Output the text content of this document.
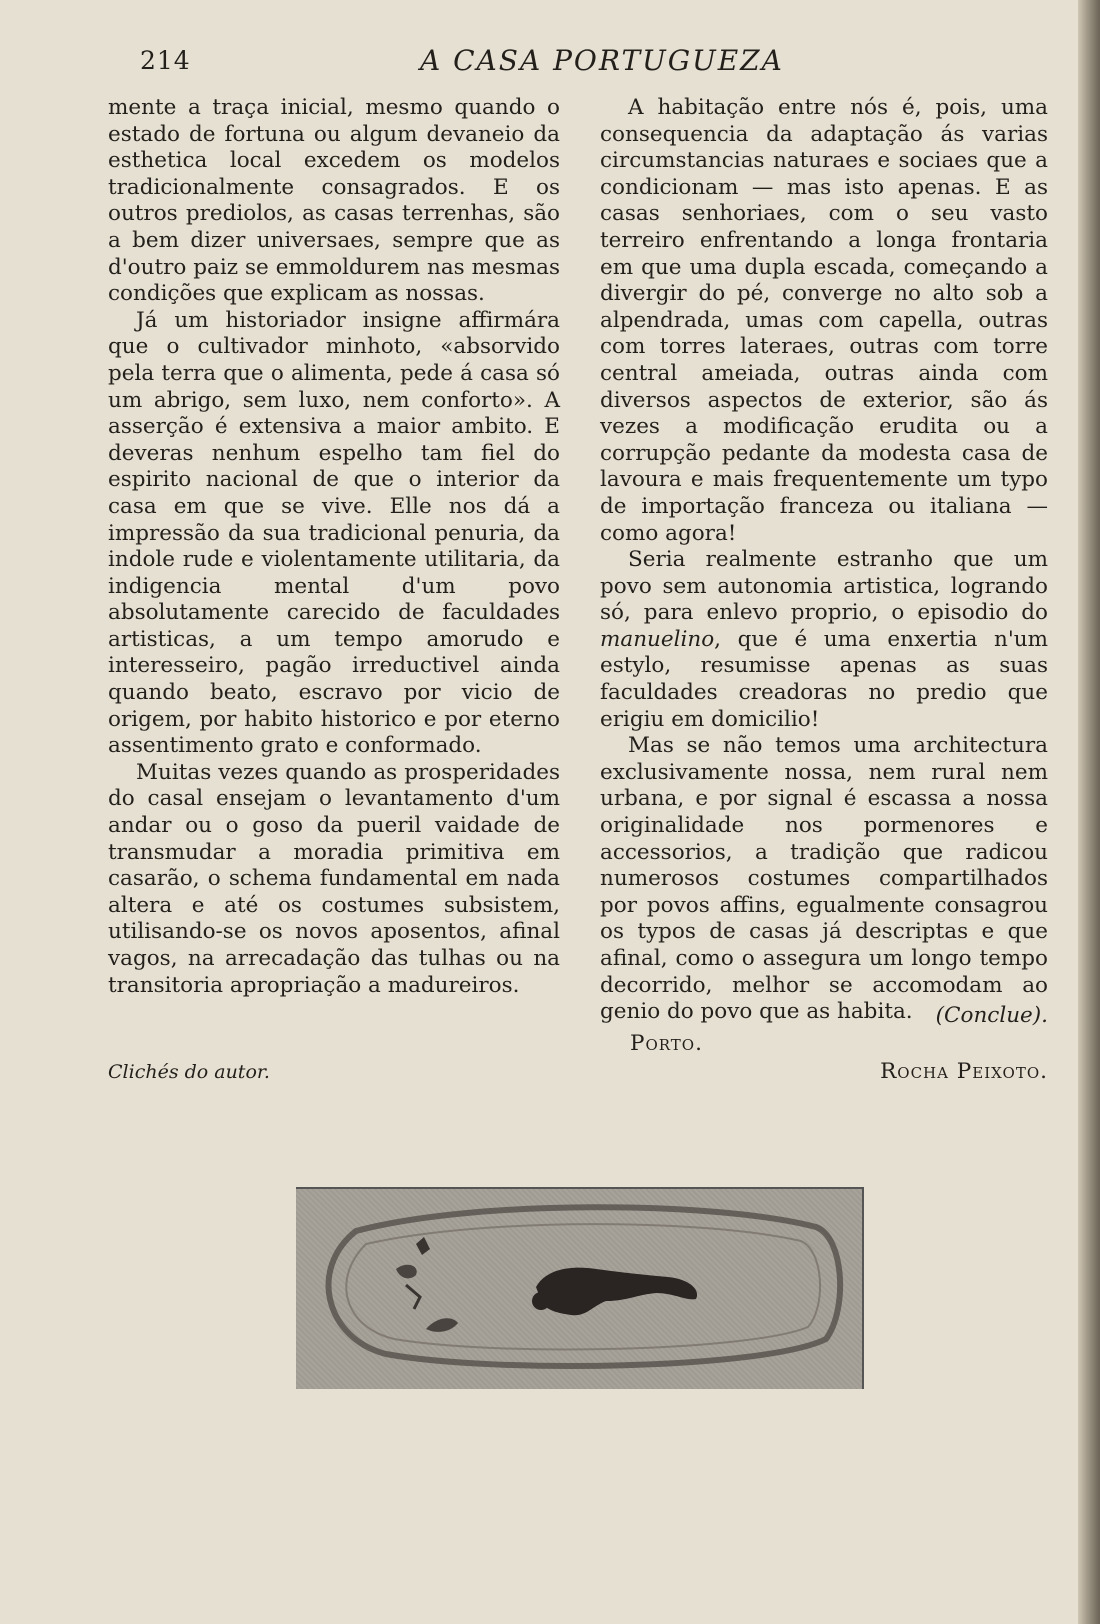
214	A CASA PORTUGUEZA

mente a traça inicial, mesmo quando o estado de fortuna ou algum devaneio da esthetica local excedem os modelos tradicionalmente consagrados. E os outros prediolos, as casas terrenhas, são a bem dizer universaes, sempre que as d'outro paiz se emmoldurem nas mesmas condições que explicam as nossas.

Já um historiador insigne affirmára que o cultivador minhoto, «absorvido pela terra que o alimenta, pede á casa só um abrigo, sem luxo, nem conforto». A asserção é extensiva a maior ambito. E deveras nenhum espelho tam fiel do espirito nacional de que o interior da casa em que se vive. Elle nos dá a impressão da sua tradicional penuria, da indole rude e violentamente utilitaria, da indigencia mental d'um povo absolutamente carecido de faculdades artisticas, a um tempo amorudo e interesseiro, pagão irreductivel ainda quando beato, escravo por vicio de origem, por habito historico e por eterno assentimento grato e conformado.

Muitas vezes quando as prosperidades do casal ensejam o levantamento d'um andar ou o goso da pueril vaidade de transmudar a moradia primitiva em casarão, o schema fundamental em nada altera e até os costumes subsistem, utilisando-se os novos aposentos, afinal vagos, na arrecadação das tulhas ou na transitoria apropriação a madureiros.

A habitação entre nós é, pois, uma consequencia da adaptação ás varias circumstancias naturaes e sociaes que a condicionam — mas isto apenas. E as casas senhoriaes, com o seu vasto terreiro enfrentando a longa frontaria em que uma dupla escada, começando a divergir do pé, converge no alto sob a alpendrada, umas com capella, outras com torres lateraes, outras com torre central ameiada, outras ainda com diversos aspectos de exterior, são ás vezes a modificação erudita ou a corrupção pedante da modesta casa de lavoura e mais frequentemente um typo de importação franceza ou italiana — como agora!

Seria realmente estranho que um povo sem autonomia artistica, logrando só, para enlevo proprio, o episodio do manuelino, que é uma enxertia n'um estylo, resumisse apenas as suas faculdades creadoras no predio que erigiu em domicilio!

Mas se não temos uma architectura exclusivamente nossa, nem rural nem urbana, e por signal é escassa a nossa originalidade nos pormenores e accessorios, a tradição que radicou numerosos costumes compartilhados por povos affins, egualmente consagrou os typos de casas já descriptas e que afinal, como o assegura um longo tempo decorrido, melhor se accomodam ao genio do povo que as habita.	(Conclue).
Porto.
Rocha Peixoto.
Clichés do autor.
